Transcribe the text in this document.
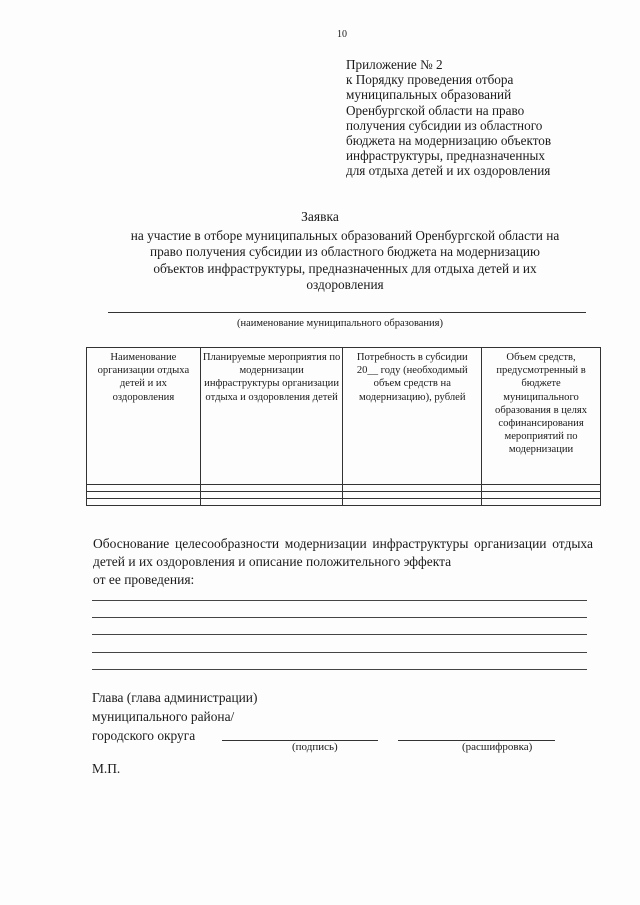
10
Приложение № 2
к Порядку проведения отбора
муниципальных образований
Оренбургской области на право
получения субсидии из областного
бюджета на модернизацию объектов
инфраструктуры, предназначенных
для отдыха детей и их оздоровления
Заявка
на участие в отборе муниципальных образований Оренбургской области на
право получения субсидии из областного бюджета на модернизацию
объектов инфраструктуры, предназначенных для отдыха детей и их
оздоровления
(наименование муниципального образования)
Наименование организации отдыха детей и их оздоровления	Планируемые мероприятия по модернизации инфраструктуры организации отдыха и оздоровления детей	Потребность в субсидии 20__ году (необходимый объем средств на модернизацию), рублей	Объем средств, предусмотренный в бюджете муниципального образования в целях софинансирования мероприятий по модернизации

Обоснование целесообразности модернизации инфраструктуры организации отдыха детей и их оздоровления и описание положительного эффекта
от ее проведения:
Глава (глава администрации)
муниципального района/
городского округа
(подпись)	(расшифровка)
М.П.
